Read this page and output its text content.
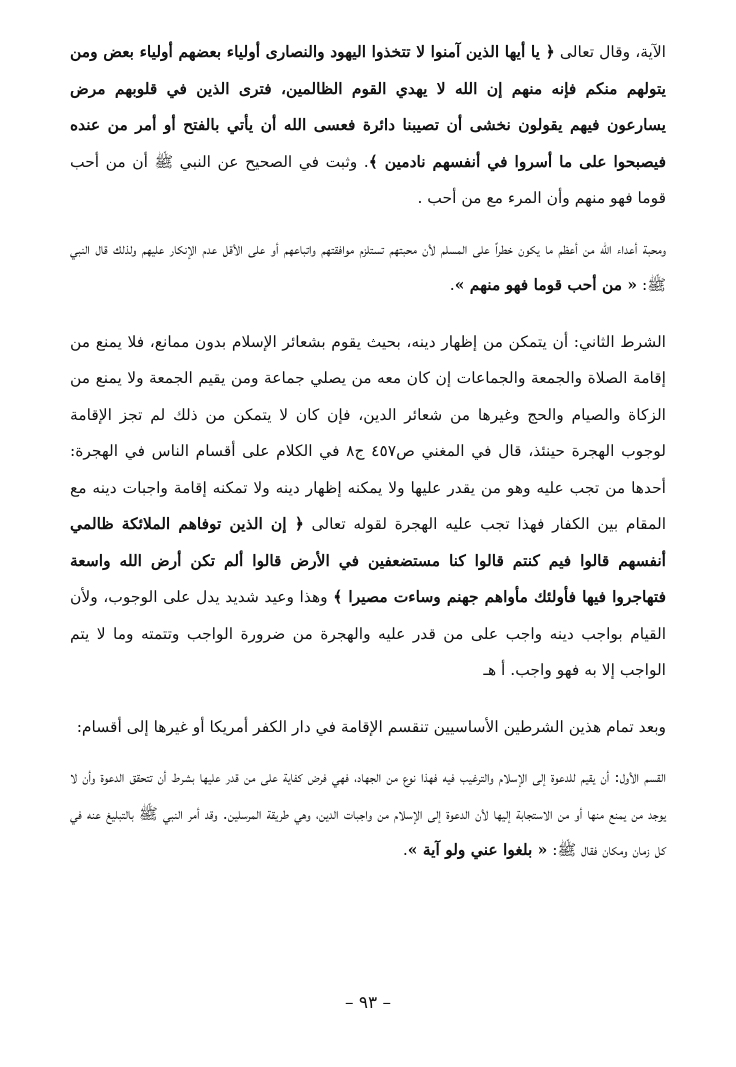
الآية، وقال تعالى ﴿ يا أيها الذين آمنوا لا تتخذوا اليهود والنصارى أولياء بعضهم أولياء بعض ومن يتولهم منكم فإنه منهم إن الله لا يهدي القوم الظالمين، فترى الذين في قلوبهم مرض يسارعون فيهم يقولون نخشى أن تصيبنا دائرة فعسى الله أن يأتي بالفتح أو أمر من عنده فيصبحوا على ما أسروا في أنفسهم نادمين ﴾. وثبت في الصحيح عن النبي ﷺ أن من أحب قوما فهو منهم وأن المرء مع من أحب .

ومحبة أعداء الله من أعظم ما يكون خطراً على المسلم لأن محبتهم تستلزم موافقتهم واتباعهم أو على الأقل عدم الإنكار عليهم ولذلك قال النبي ﷺ: « من أحب قوما فهو منهم ».

الشرط الثاني: أن يتمكن من إظهار دينه، بحيث يقوم بشعائر الإسلام بدون ممانع، فلا يمنع من إقامة الصلاة والجمعة والجماعات إن كان معه من يصلي جماعة ومن يقيم الجمعة ولا يمنع من الزكاة والصيام والحج وغيرها من شعائر الدين، فإن كان لا يتمكن من ذلك لم تجز الإقامة لوجوب الهجرة حينئذ، قال في المغني ص٤٥٧ ج٨ في الكلام على أقسام الناس في الهجرة: أحدها من تجب عليه وهو من يقدر عليها ولا يمكنه إظهار دينه ولا تمكنه إقامة واجبات دينه مع المقام بين الكفار فهذا تجب عليه الهجرة لقوله تعالى ﴿ إن الذين توفاهم الملائكة ظالمي أنفسهم قالوا فيم كنتم قالوا كنا مستضعفين في الأرض قالوا ألم تكن أرض الله واسعة فتهاجروا فيها فأولئك مأواهم جهنم وساءت مصيرا ﴾ وهذا وعيد شديد يدل على الوجوب، ولأن القيام بواجب دينه واجب على من قدر عليه والهجرة من ضرورة الواجب وتتمته وما لا يتم الواجب إلا به فهو واجب. أ هـ

وبعد تمام هذين الشرطين الأساسيين تنقسم الإقامة في دار الكفر أمريكا أو غيرها إلى أقسام:

القسم الأول: أن يقيم للدعوة إلى الإسلام والترغيب فيه فهذا نوع من الجهاد، فهي فرض كفاية على من قدر عليها بشرط أن تتحقق الدعوة وأن لا يوجد من يمنع منها أو من الاستجابة إليها لأن الدعوة إلى الإسلام من واجبات الدين، وهي طريقة المرسلين. وقد أمر النبي ﷺ بالتبليغ عنه في كل زمان ومكان فقال ﷺ: « بلغوا عني ولو آية ».

– ٩٣ –
